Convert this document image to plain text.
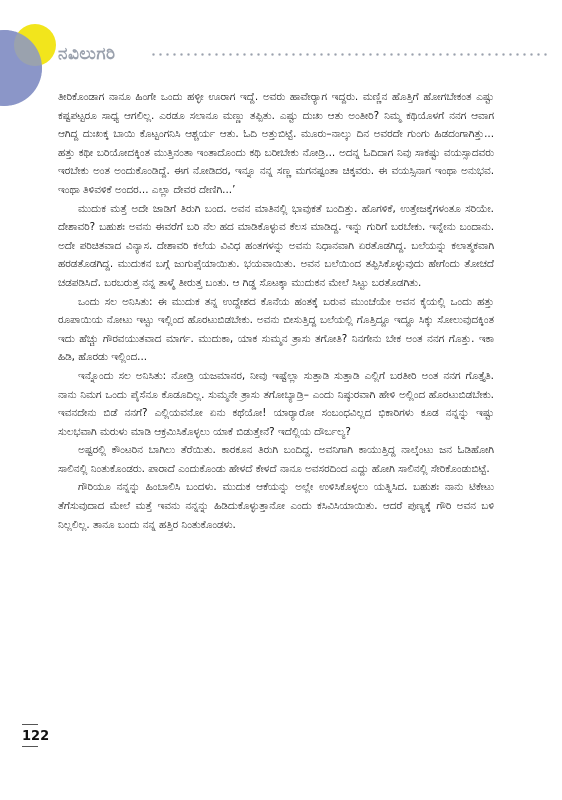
ನವಿಲುಗರಿ

ತೀರಿಕೊಂಡಾಗ ನಾನೂ ಹಿಂಗೇ ಒಂದು ಹಳ್ಳೀ ಊರಾಗ ಇದ್ದೆ. ಅವರು ಹಾವೇರ‍್ಯಾಗ ಇದ್ದರು. ಮಣ್ಣಿನ ಹೊತ್ತಿಗೆ ಹೋಗಬೇಕಂತ ಎಷ್ಟು ಕಷ್ಟಪಟ್ಟರೂ ಸಾಧ್ಯ ಆಗಲಿಲ್ಲ. ಎರಡೂ ಸಲಾನೂ ಮಣ್ಣು ತಪ್ಪಿತು. ಎಷ್ಟು ದುಃಖ ಆತು ಅಂತೀರಿ? ನಿಮ್ಮ ಕಥಿಯೊಳಗೆ ನನಗ ಆವಾಗ ಆಗಿದ್ದ ದುಃಖಕ್ಕ ಬಾಯಿ ಕೊಟ್ಟಂಗನಿಸಿ ಆಶ್ಚರ್ಯ ಆತು. ಓದಿ ಅತ್ತುಬಿಟ್ಟೆ. ಮೂರು–ನಾಲ್ಕು ದಿನ ಅವರದೇ ಗುಂಗು ಹಿಡದಂಗಾಗಿತ್ತು... ಹತ್ತು ಕಥೀ ಬರಿಯೋದಕ್ಕಿಂತ ಮುತ್ತಿನಂತಾ ಇಂತಾದೊಂದು ಕಥಿ ಬರೀಬೇಕು ನೋಡ್ರಿ... ಅದನ್ನ ಓದಿದಾಗ ನಿವು ಸಾಕಷ್ಟು ವಯಸ್ಸಾದವರು ಇರಬೇಕು ಅಂತ ಅಂದುಕೊಂಡಿದ್ದೆ. ಈಗ ನೋಡಿದರ, ಇನ್ನೂ ನನ್ನ ಸಣ್ಣ ಮಗನಷ್ಟಂತಾ ಚಿಕ್ಕವರು. ಈ ವಯಸ್ಸಿನಾಗ ಇಂಥಾ ಅನುಭವ. ಇಂಥಾ ತಿಳಿವಳಿಕೆ ಅಂದರ... ಎಲ್ಲಾ ದೇವರ ದೇಣಿಗಿ...’

ಮುದುಕ ಮತ್ತೆ ಅದೇ ಜಾಡಿಗೆ ತಿರುಗಿ ಬಂದ. ಅವನ ಮಾತಿನಲ್ಲಿ ಭಾವುಕತೆ ಬಂದಿತ್ತು. ಹೊಗಳಿಕೆ, ಉತ್ತೇಜಕ್ಕೆಗಳಂತೂ ಸರಿಯೇ. ದೇಶಾವರಿ? ಬಹುಶಃ ಅವನು ಈವರೆಗೆ ಬರಿ ನೆಲ ಹದ ಮಾಡಿಕೊಳ್ಳುವ ಕೆಲಸ ಮಾಡಿದ್ದ. ಇನ್ನು ಗುರಿಗೆ ಬರಬೇಕು. ಇನ್ನೇನು ಬಂದಾನು. ಅದೇ ಪರಿಚಿತವಾದ ವಿನ್ಯಾಸ. ದೇಶಾವರಿ ಕಲೆಯ ವಿವಿಧ ಹಂತಗಳನ್ನು ಅವನು ನಿಧಾನವಾಗಿ ಏರತೊಡಗಿದ್ದ. ಬಲೆಯನ್ನು ಕಲಾತ್ಮಕವಾಗಿ ಹರಡತೊಡಗಿದ್ದ. ಮುದುಕನ ಬಗ್ಗೆ ಜುಗುಪ್ಸೆಯಾಯಿತು. ಭಯವಾಯಿತು. ಅವನ ಬಲೆಯಿಂದ ತಪ್ಪಿಸಿಕೊಳ್ಳುವುದು ಹೇಗೆಂದು ತೋಚದೆ ಚಡಪಡಿಸಿದೆ. ಬರಬರುತ್ತ ನನ್ನ ತಾಳ್ಮೆ ತೀರುತ್ತ ಬಂತು. ಆ ಗಿಡ್ಡ ಸೊಟಕ್ಕಾ ಮುದುಕನ ಮೇಲೆ ಸಿಟ್ಟು ಬರತೊಡಗಿತು.

ಒಂದು ಸಲ ಅನಿಸಿತು: ಈ ಮುದುಕ ತನ್ನ ಉದ್ದೇಶದ ಕೊನೆಯ ಹಂತಕ್ಕೆ ಬರುವ ಮುಂಚೆಯೇ ಅವನ ಕೈಯಲ್ಲಿ ಒಂದು ಹತ್ತು ರೂಪಾಯಿಯ ನೋಟು ಇಟ್ಟು ಇಲ್ಲಿಂದ ಹೊರಟುಬಿಡಬೇಕು. ಅವನು ಬೀಸುತ್ತಿದ್ದ ಬಲೆಯಲ್ಲಿ ಗೊತ್ತಿದ್ದೂ ಇದ್ದೂ ಸಿಕ್ಕು ಸೋಲುವುದಕ್ಕಿಂತ ಇದು ಹೆಚ್ಚು ಗೌರವಯುತವಾದ ಮಾರ್ಗ. ಮುದುಕಾ, ಯಾಕ ಸುಮ್ಮನ ತ್ರಾಸು ತಗೋತಿ? ನಿನಗೇನು ಬೇಕ ಅಂತ ನನಗ ಗೊತ್ತು. ಇಕಾ ಹಿಡಿ, ಹೊರಡು ಇಲ್ಲಿಂದ...

ಇನ್ನೊಂದು ಸಲ ಅನಿಸಿತು: ನೋಡ್ರಿ ಯಜಮಾನರ, ನೀವು ಇಷ್ಟೆಲ್ಲಾ ಸುತ್ತಾಡಿ ಸುತ್ತಾಡಿ ಎಲ್ಲಿಗೆ ಬರತೀರಿ ಅಂತ ನನಗ ಗೊತ್ತೈತಿ. ನಾನು ನಿಮಗ ಒಂದು ಪೈಸೆನೂ ಕೊಡೂದಿಲ್ಲ. ಸುಮ್ಮನೇ ತ್ರಾಸು ತಗೋಬ್ಯಾಡ್ರಿ– ಎಂದು ನಿಷ್ಠುರವಾಗಿ ಹೇಳಿ ಅಲ್ಲಿಂದ ಹೊರಟುಬಿಡಬೇಕು. ಇವನದೇನು ಬಿಡೆ ನನಗೆ? ಎಲ್ಲಿಯವನೋ ಏನು ಕಥೆಯೋ! ಯಾರ‍್ಯಾರೋ ಸಂಬಂಧವಿಲ್ಲದ ಭಿಕಾರಿಗಳು ಕೂಡ ನನ್ನನ್ನು ಇಷ್ಟು ಸುಲಭವಾಗಿ ಮರುಳು ಮಾಡಿ ಆಕ್ರಮಿಸಿಕೊಳ್ಳಲು ಯಾಕೆ ಬಿಡುತ್ತೇನೆ? ಇದೆಲ್ಲಿಯ ದೌರ್ಬಲ್ಯ?

ಅಷ್ಟರಲ್ಲಿ ಕೌಂಟರಿನ ಬಾಗಿಲು ತೆರೆಯಿತು. ಕಾರಕೂನ ತಿರುಗಿ ಬಂದಿದ್ದ. ಅವನಿಗಾಗಿ ಕಾಯುತ್ತಿದ್ದ ನಾಲ್ಕೆಂಟು ಜನ ಓಡಿಹೋಗಿ ಸಾಲಿನಲ್ಲಿ ನಿಂತುಕೊಂಡರು. ಪಾರಾದೆ ಎಂದುಕೊಂಡು ಹೇಳದೆ ಕೇಳದೆ ನಾನೂ ಅವಸರದಿಂದ ಎದ್ದು ಹೋಗಿ ಸಾಲಿನಲ್ಲಿ ಸೇರಿಕೊಂಡುಬಿಟ್ಟೆ.

ಗೌರಿಯೂ ನನ್ನನ್ನು ಹಿಂಬಾಲಿಸಿ ಬಂದಳು. ಮುದುಕ ಆಕೆಯನ್ನು ಅಲ್ಲೇ ಉಳಿಸಿಕೊಳ್ಳಲು ಯತ್ನಿಸಿದ. ಬಹುಶಃ ನಾನು ಟಿಕೇಟು ತೆಗೆಸುವುದಾದ ಮೇಲೆ ಮತ್ತೆ ಇವನು ನನ್ನನ್ನು ಹಿಡಿದುಕೊಳ್ಳುತ್ತಾನೋ ಎಂದು ಕಸಿವಿಸಿಯಾಯಿತು. ಆದರೆ ಪುಣ್ಯಕ್ಕೆ ಗೌರಿ ಅವನ ಬಳಿ ನಿಲ್ಲಲಿಲ್ಲ. ತಾನೂ ಬಂದು ನನ್ನ ಹತ್ತಿರ ನಿಂತುಕೊಂಡಳು.

122
